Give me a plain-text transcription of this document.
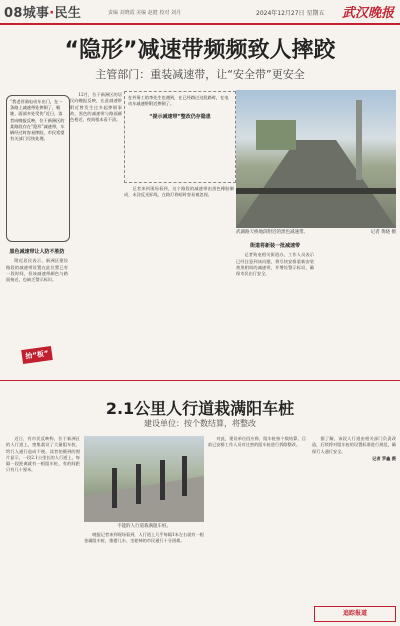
08城事·民生	责编 刘晓霞 美编 赵健 校对 刘丹	2024年12月27日 星期五 武汉晚报
“隐形”减速带频频致人摔跤
主管部门：重装减速带，让“安全带”更安全
“我老伴骑电动车出门，在一条路上减速带处摔倒了，喉咙、面部多处受伤”近日，读者向晚报反映，位于新洲区的某路段存在“隐形”减速带，车辆经过时容易摔跤，市民希望有关部门尽快处理。

12月，位于新洲区的居民向晚报反映，在此减速带附近曾发生过多起摔倒事故，黑色的减速带与路面颜色相近，夜间根本看不清。

黑色减速带让人防不胜防

附近居民表示，新洲区建设路段的减速带设置在此位置已有一段时间，但该减速带颜色与路面接近，也缺乏警示标识。

在外务工的李先生也遇到，在已经路过这段路时，在电动车减速带附近摔倒了。
“提示减速带”整改仍存隐患

记者来到现场看到，这个路段的减速带由黑色橡胶制成，未涂反光标线，在路灯昏暗时容易被忽视。

武湖路天桥地段附近的黑色减速带。	记者 黄晓 摄
街道将新装一批减速带

记者致电相关街道办，工作人员表示已经注意到该问题，将尽快安排重新安装黄黑相间的减速带，并增设警示标识，确保市民出行安全。

抬“板”
2.1公里人行道栽满阳车桩
建设单位：按个数结算，将整改

近日，有市民反映称，位于新洲区的人行道上，密集栽设了大量阻车桩，给行人通行造成不便。读者拍摄到的照片显示，一段2.1公里长的人行道上，每隔一段距离就有一根阻车桩，有的间距只有几十厘米。

不能的人行道栽满阻车桩。

晚报记者来到现场看到，人行道上几乎每隔1米左右就有一根金属阻车桩，推婴儿车、坐轮椅的市民通行十分困难。

对此，建设单位回应称，阻车桩按个数结算，目前已安排工作人员对过密的阻车桩进行拆除整改。

据了解，该段人行道由相关部门负责改造，后续将对阻车桩的设置标准进行规范，确保行人通行安全。

记者 罗鑫 摄
追踪报道
